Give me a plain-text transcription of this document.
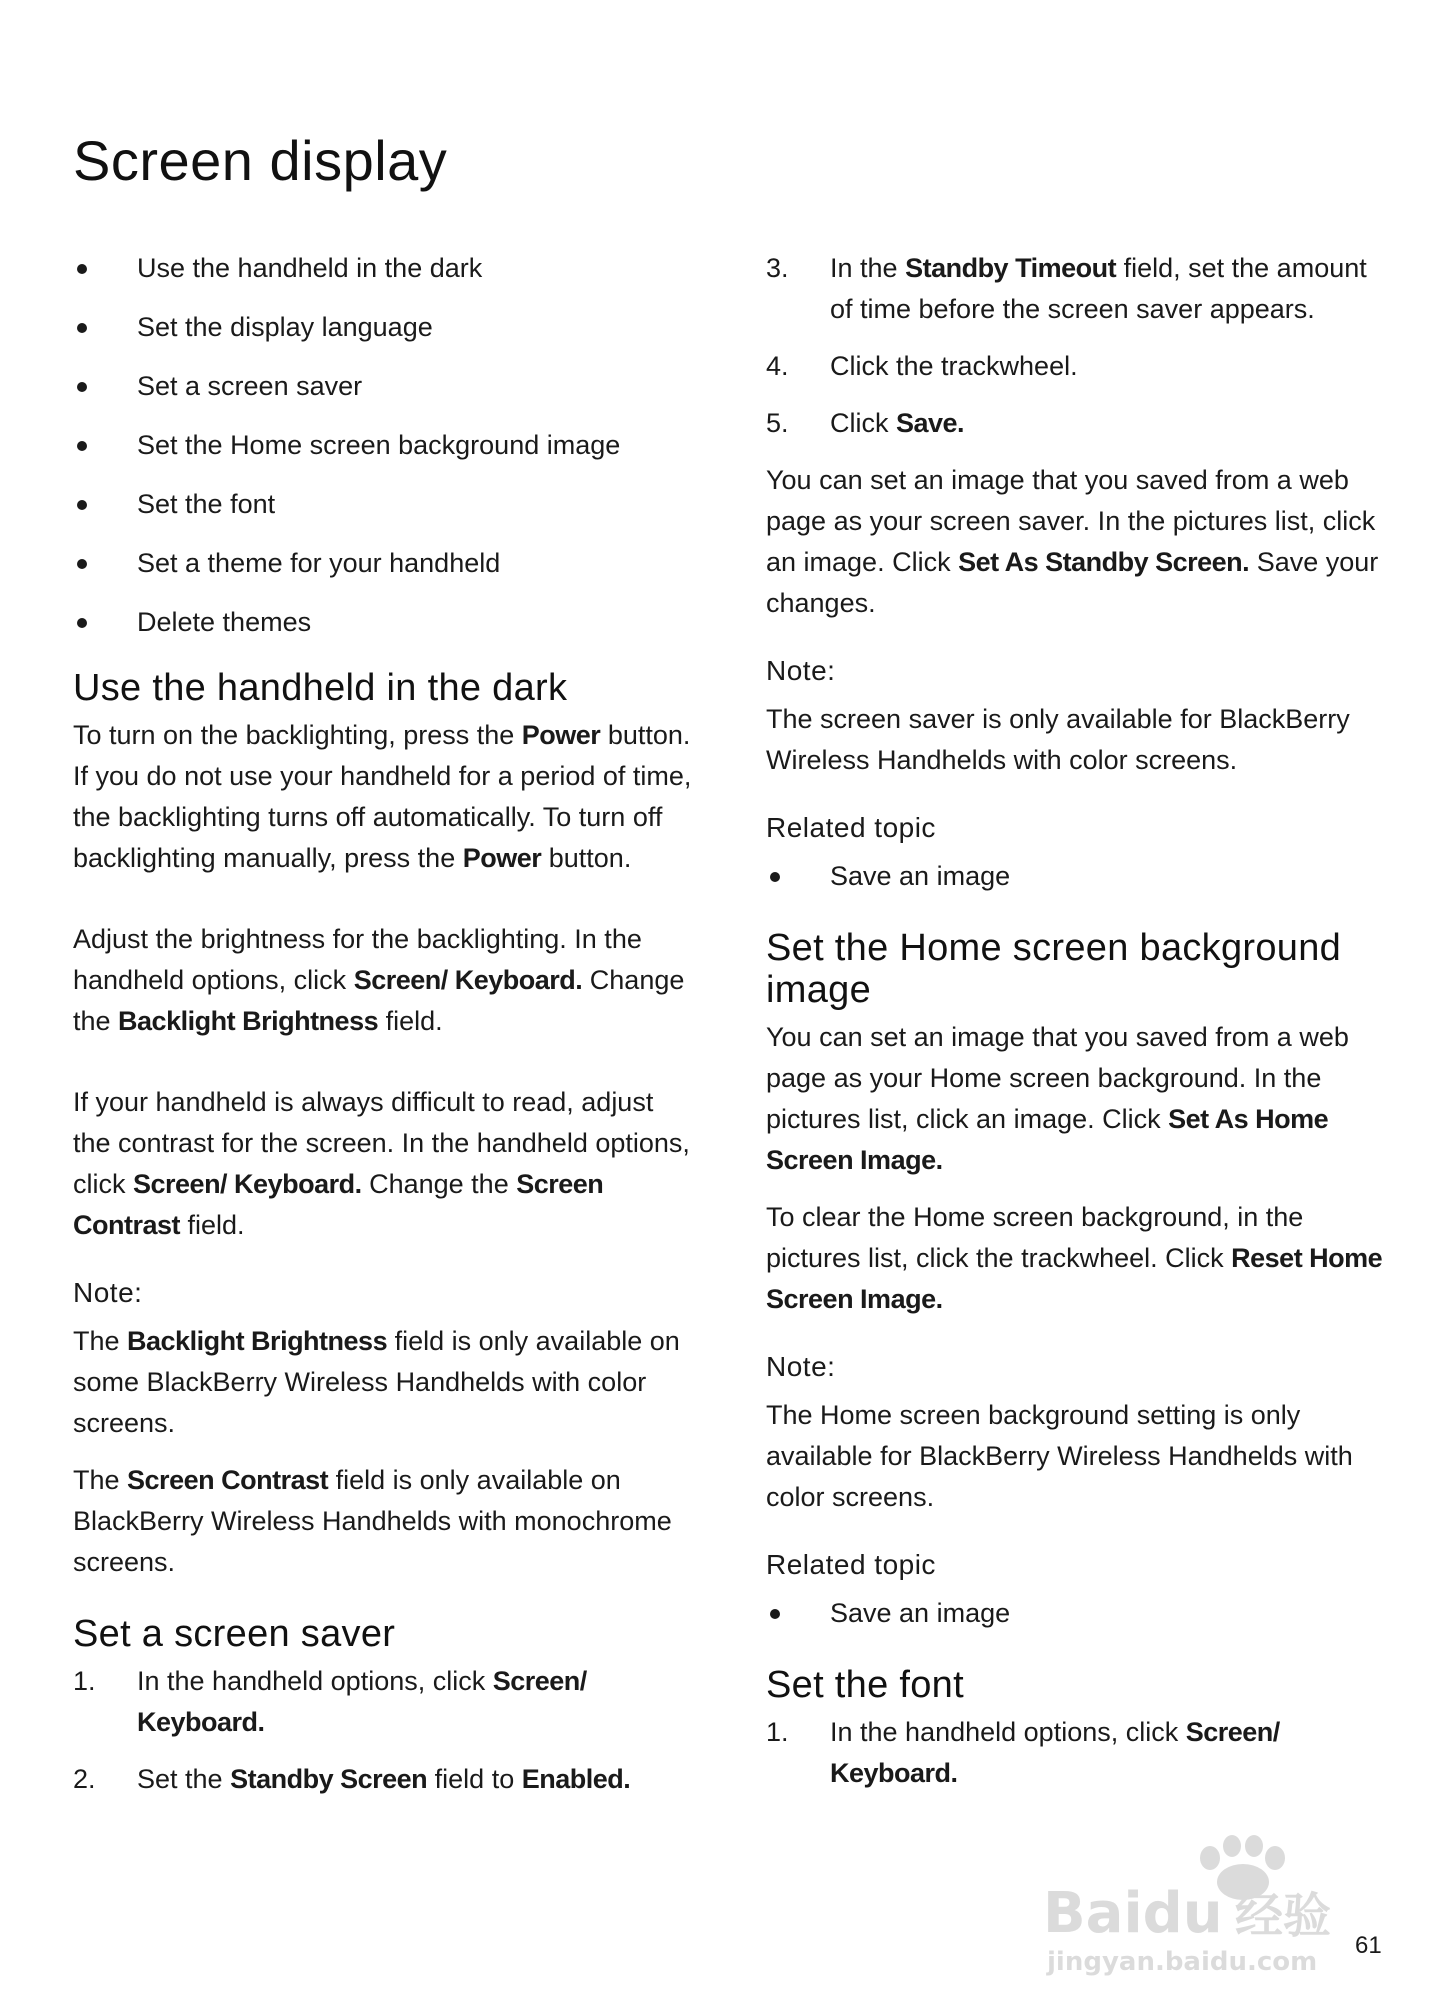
Screen display
Use the handheld in the dark
Set the display language
Set a screen saver
Set the Home screen background image
Set the font
Set a theme for your handheld
Delete themes
Use the handheld in the dark

To turn on the backlighting, press the Power button. If you do not use your handheld for a period of time, the backlighting turns off automatically. To turn off backlighting manually, press the Power button.

Adjust the brightness for the backlighting. In the handheld options, click Screen/ Keyboard. Change the Backlight Brightness field.

If your handheld is always difficult to read, adjust the contrast for the screen. In the handheld options, click Screen/ Keyboard. Change the Screen Contrast field.

Note:

The Backlight Brightness field is only available on some BlackBerry Wireless Handhelds with color screens.

The Screen Contrast field is only available on BlackBerry Wireless Handhelds with monochrome screens.

Set a screen saver
1. In the handheld options, click Screen/ Keyboard.
2. Set the Standby Screen field to Enabled.
3. In the Standby Timeout field, set the amount of time before the screen saver appears.
4. Click the trackwheel.
5. Click Save.

You can set an image that you saved from a web page as your screen saver. In the pictures list, click an image. Click Set As Standby Screen. Save your changes.

Note:

The screen saver is only available for BlackBerry Wireless Handhelds with color screens.

Related topic
Save an image
Set the Home screen background image

You can set an image that you saved from a web page as your Home screen background. In the pictures list, click an image. Click Set As Home Screen Image.

To clear the Home screen background, in the pictures list, click the trackwheel. Click Reset Home Screen Image.

Note:

The Home screen background setting is only available for BlackBerry Wireless Handhelds with color screens.

Related topic
Save an image
Set the font
1. In the handheld options, click Screen/ Keyboard.
Baidu 经验
jingyan.baidu.com
61
